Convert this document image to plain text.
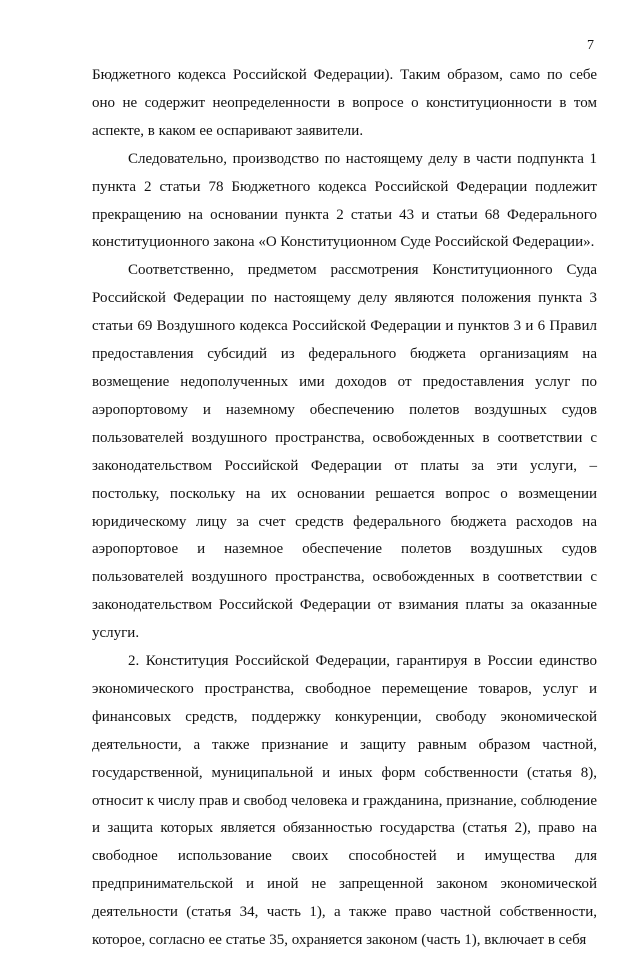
7

Бюджетного кодекса Российской Федерации). Таким образом, само по себе оно не содержит неопределенности в вопросе о конституционности в том аспекте, в каком ее оспаривают заявители.

Следовательно, производство по настоящему делу в части подпункта 1 пункта 2 статьи 78 Бюджетного кодекса Российской Федерации подлежит прекращению на основании пункта 2 статьи 43 и статьи 68 Федерального конституционного закона «О Конституционном Суде Российской Федерации».

Соответственно, предметом рассмотрения Конституционного Суда Российской Федерации по настоящему делу являются положения пункта 3 статьи 69 Воздушного кодекса Российской Федерации и пунктов 3 и 6 Правил предоставления субсидий из федерального бюджета организациям на возмещение недополученных ими доходов от предоставления услуг по аэропортовому и наземному обеспечению полетов воздушных судов пользователей воздушного пространства, освобожденных в соответствии с законодательством Российской Федерации от платы за эти услуги, – постольку, поскольку на их основании решается вопрос о возмещении юридическому лицу за счет средств федерального бюджета расходов на аэропортовое и наземное обеспечение полетов воздушных судов пользователей воздушного пространства, освобожденных в соответствии с законодательством Российской Федерации от взимания платы за оказанные услуги.

2. Конституция Российской Федерации, гарантируя в России единство экономического пространства, свободное перемещение товаров, услуг и финансовых средств, поддержку конкуренции, свободу экономической деятельности, а также признание и защиту равным образом частной, государственной, муниципальной и иных форм собственности (статья 8), относит к числу прав и свобод человека и гражданина, признание, соблюдение и защита которых является обязанностью государства (статья 2), право на свободное использование своих способностей и имущества для предпринимательской и иной не запрещенной законом экономической деятельности (статья 34, часть 1), а также право частной собственности, которое, согласно ее статье 35, охраняется законом (часть 1), включает в себя
